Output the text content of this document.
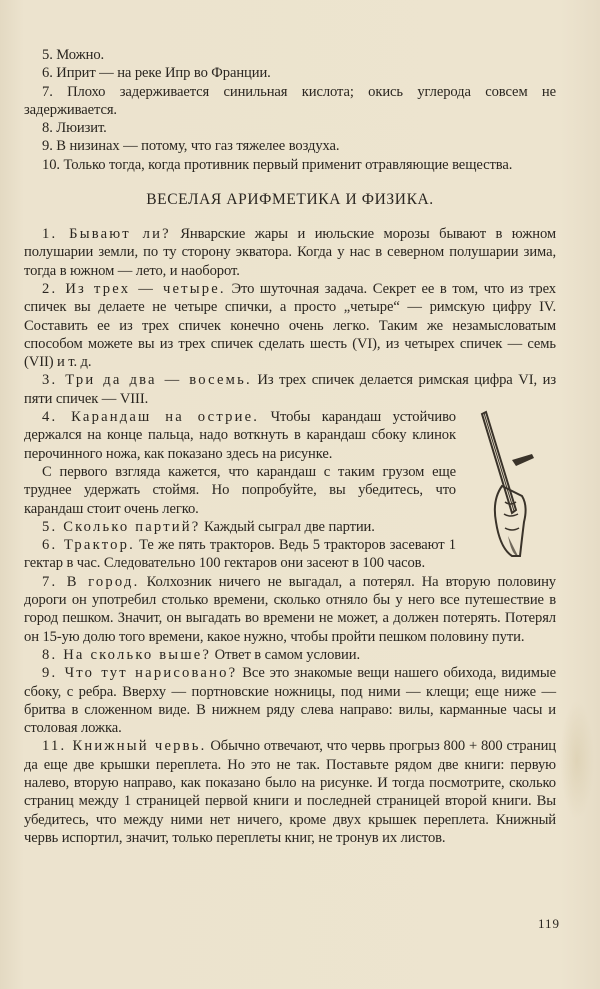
5. Можно.

6. Иприт — на реке Ипр во Франции.

7. Плохо задерживается синильная кислота; окись углерода совсем не задерживается.

8. Люизит.

9. В низинах — потому, что газ тяжелее воздуха.

10. Только тогда, когда противник первый применит отравляющие вещества.

ВЕСЕЛАЯ АРИФМЕТИКА И ФИЗИКА.

1. Бывают ли? Январские жары и июльские морозы бывают в южном полушарии земли, по ту сторону экватора. Когда у нас в северном полушарии зима, тогда в южном — лето, и наоборот.

2. Из трех — четыре. Это шуточная задача. Секрет ее в том, что из трех спичек вы делаете не четыре спички, а просто „четыре“ — римскую цифру IV. Составить ее из трех спичек конечно очень легко. Таким же незамысловатым способом можете вы из трех спичек сделать шесть (VI), из четырех спичек — семь (VII) и т. д.

3. Три да два — восемь. Из трех спичек делается римская цифра VI, из пяти спичек — VIII.

4. Карандаш на острие. Чтобы карандаш устойчиво держался на конце пальца, надо воткнуть в карандаш сбоку клинок перочинного ножа, как показано здесь на рисунке.

С первого взгляда кажется, что карандаш с таким грузом еще труднее удержать стоймя. Но попробуйте, вы убедитесь, что карандаш стоит очень легко.

5. Сколько партий? Каждый сыграл две партии.

6. Трактор. Те же пять тракторов. Ведь 5 тракторов засевают 1 гектар в час. Следовательно 100 гектаров они засеют в 100 часов.

7. В город. Колхозник ничего не выгадал, а потерял. На вторую половину дороги он употребил столько времени, сколько отняло бы у него все путешествие в город пешком. Значит, он выгадать во времени не может, а должен потерять. Потерял он 15-ую долю того времени, какое нужно, чтобы пройти пешком половину пути.

8. На сколько выше? Ответ в самом условии.

9. Что тут нарисовано? Все это знакомые вещи нашего обихода, видимые сбоку, с ребра. Вверху — портновские ножницы, под ними — клещи; еще ниже — бритва в сложенном виде. В нижнем ряду слева направо: вилы, карманные часы и столовая ложка.

11. Книжный червь. Обычно отвечают, что червь прогрыз 800 + 800 страниц да еще две крышки переплета. Но это не так. Поставьте рядом две книги: первую налево, вторую направо, как показано было на рисунке. И тогда посмотрите, сколько страниц между 1 страницей первой книги и последней страницей второй книги. Вы убедитесь, что между ними нет ничего, кроме двух крышек переплета. Книжный червь испортил, значит, только переплеты книг, не тронув их листов.

119
